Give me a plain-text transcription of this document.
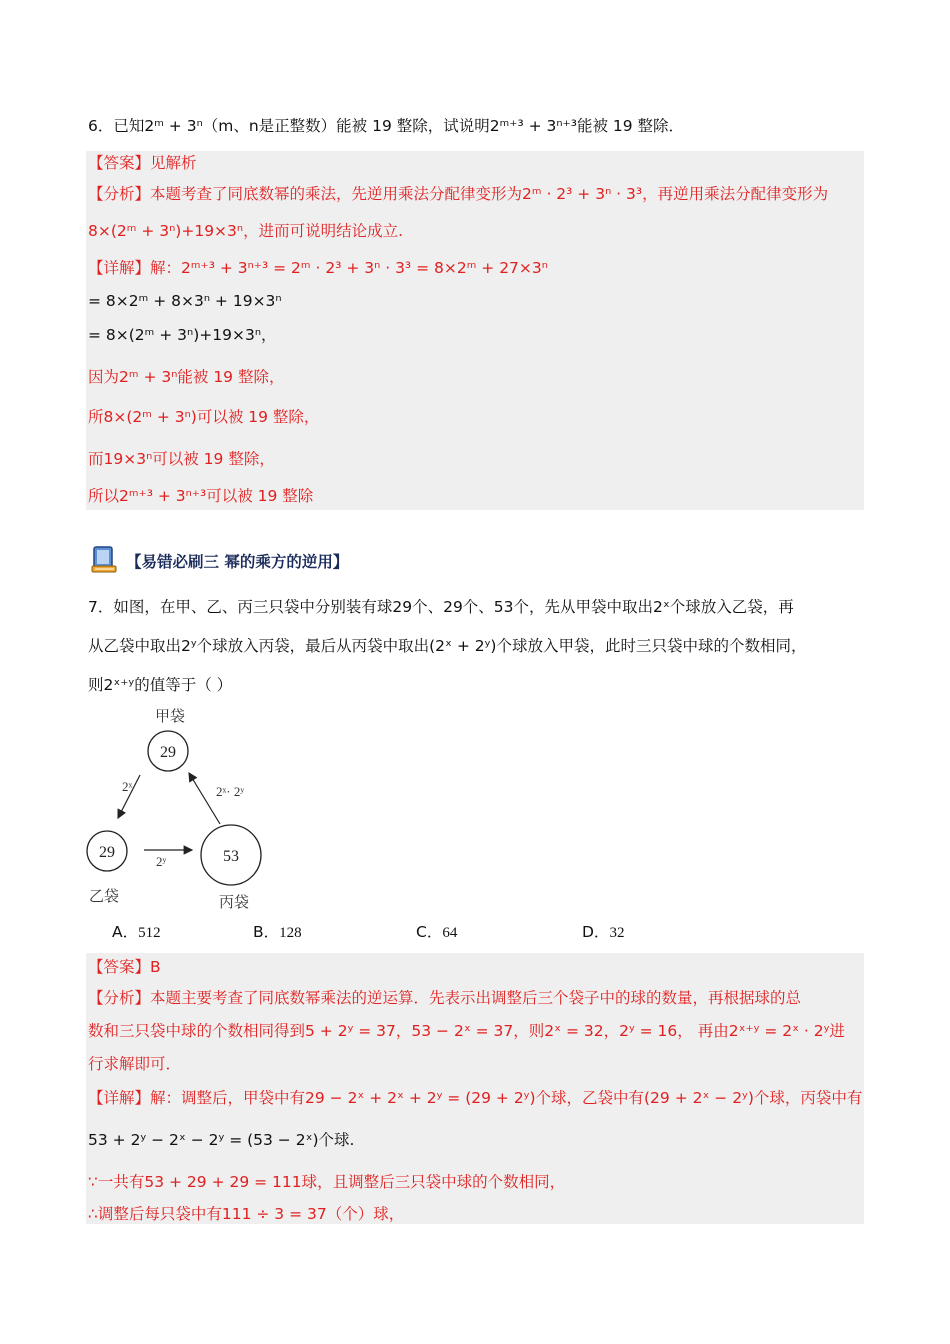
6．已知2ᵐ + 3ⁿ（m、n是正整数）能被 19 整除，试说明2ᵐ⁺³ + 3ⁿ⁺³能被 19 整除．
【答案】见解析
【分析】本题考查了同底数幂的乘法，先逆用乘法分配律变形为2ᵐ · 2³ + 3ⁿ · 3³，再逆用乘法分配律变形为
8×(2ᵐ + 3ⁿ)+19×3ⁿ，进而可说明结论成立.
【详解】解：2ᵐ⁺³ + 3ⁿ⁺³ = 2ᵐ · 2³ + 3ⁿ · 3³ = 8×2ᵐ + 27×3ⁿ
= 8×2ᵐ + 8×3ⁿ + 19×3ⁿ
= 8×(2ᵐ + 3ⁿ)+19×3ⁿ，
因为2ᵐ + 3ⁿ能被 19 整除，
所8×(2ᵐ + 3ⁿ)可以被 19 整除，
而19×3ⁿ可以被 19 整除，
所以2ᵐ⁺³ + 3ⁿ⁺³可以被 19 整除
【易错必刷三 幂的乘方的逆用】
7．如图，在甲、乙、丙三只袋中分别装有球29个、29个、53个，先从甲袋中取出2ˣ个球放入乙袋，再
从乙袋中取出2ʸ个球放入丙袋，最后从丙袋中取出(2ˣ + 2ʸ)个球放入甲袋，此时三只袋中球的个数相同，
则2ˣ⁺ʸ的值等于（ ）
甲袋
29
29
乙袋
53
丙袋
2ˣ
2ʸ
2ˣ· 2ʸ
A．512	B．128	C．64	D．32
【答案】B
【分析】本题主要考查了同底数幂乘法的逆运算．先表示出调整后三个袋子中的球的数量，再根据球的总
数和三只袋中球的个数相同得到5 + 2ʸ = 37，53 − 2ˣ = 37，则2ˣ = 32，2ʸ = 16， 再由2ˣ⁺ʸ = 2ˣ · 2ʸ进
行求解即可．
【详解】解：调整后，甲袋中有29 − 2ˣ + 2ˣ + 2ʸ = (29 + 2ʸ)个球，乙袋中有(29 + 2ˣ − 2ʸ)个球，丙袋中有
53 + 2ʸ − 2ˣ − 2ʸ = (53 − 2ˣ)个球.
∵一共有53 + 29 + 29 = 111球，且调整后三只袋中球的个数相同，
∴调整后每只袋中有111 ÷ 3 = 37（个）球，
